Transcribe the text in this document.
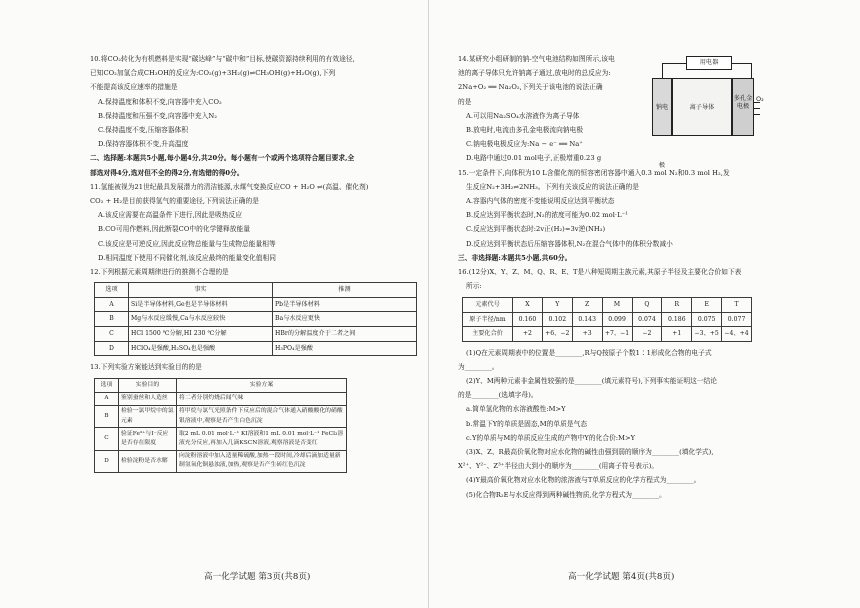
10.将CO₂转化为有机燃料是实现“碳达峰”与“碳中和”目标,使碳资源持续利用的有效途径,
已知CO₂加氢合成CH₃OH的反应为:CO₂(g)+3H₂(g)⇌CH₃OH(g)+H₂O(g),下列
不能提高该反应速率的措施是
A.保持温度和体积不变,向容器中充入CO₂
B.保持温度和压强不变,向容器中充入N₂
C.保持温度不变,压缩容器体积
D.保持容器体积不变,升高温度
二、选择题:本题共5小题,每小题4分,共20分。每小题有一个或两个选项符合题目要求,全
部选对得4分,选对但不全的得2分,有选错的得0分。
11.氢能被视为21世纪最具发展潜力的清洁能源,水煤气变换反应CO + H₂O ⇌(高温、催化剂)
CO₂ + H₂是目前获得氢气的重要途径,下列说法正确的是
A.该反应需要在高温条件下进行,因此是吸热反应
B.CO可用作燃料,因此断裂CO中的化学键释放能量
C.该反应是可逆反应,因此反应物总能量与生成物总能量相等
D.相同温度下使用不同催化剂,该反应最终的能量变化值相同
12.下列根据元素周期律进行的推测不合理的是
选项	事实	推测
A	Si是半导体材料,Ge也是半导体材料	Pb是半导体材料
B	Mg与水反应缓慢,Ca与水反应较快	Ba与水反应更快
C	HCl 1500 ℃分解,HI 230 ℃分解	HBr的分解温度介于二者之间
D	HClO₄是强酸,H₂SO₄也是强酸	H₃PO₄是强酸
13.下列实验方案能达到实验目的的是
选项	实验目的	实验方案
A	鉴别蚕丝和人造丝	将二者分别灼烧后闻气味
B	检验一氯甲烷中的氯元素	将甲烷与氯气光照条件下反应后的混合气体通入硝酸酸化的硝酸银溶液中,观察是否产生白色沉淀
C	验证Fe³⁺与I⁻反应是否存在限度	取2 mL 0.01 mol·L⁻¹ KI溶液和1 mL 0.01 mol·L⁻¹ FeCl₃溶液充分反应,再加入几滴KSCN溶液,观察溶液是否变红
D	检验淀粉是否水解	向淀粉溶液中加入适量稀硫酸,加热一段时间,冷却后滴加适量新制氢氧化铜悬浊液,加热,观察是否产生砖红色沉淀
高一化学试题 第3页(共8页)
14.某研究小组研制的钠-空气电池结构如图所示,该电
池的离子导体只允许钠离子通过,放电时的总反应为:
2Na+O₂ ══ Na₂O₂,下列关于该电池的说法正确
的是
A.可以用Na₂SO₄水溶液作为离子导体
B.放电时,电流由多孔金电极流向钠电极
C.钠电极电极反应为:Na − e⁻ ══ Na⁺
D.电路中通过0.01 mol电子,正极增重0.23 g
15.一定条件下,向体积为10 L含催化剂的恒容密闭容器中通入0.3 mol N₂和0.3 mol H₂,发
生反应N₂+3H₂⇌2NH₃。下列有关该反应的说法正确的是
A.容器内气体的密度不变能说明反应达到平衡状态
B.反应达到平衡状态时,N₂的浓度可能为0.02 mol·L⁻¹
C.反应达到平衡状态时:2v正(H₂)=3v逆(NH₃)
D.反应达到平衡状态后压缩容器体积,N₂在混合气体中的体积分数减小
三、非选择题:本题共5小题,共60分。
16.(12分)X、Y、Z、M、Q、R、E、T是八种短周期主族元素,其原子半径及主要化合价如下表
所示:
元素代号	X	Y	Z	M	Q	R	E	T
原子半径/nm	0.160	0.102	0.143	0.099	0.074	0.186	0.075	0.077
主要化合价	+2	+6、−2	+3	+7、−1	−2	+1	−3、+5	−4、+4
(1)Q在元素周期表中的位置是________,R与Q按原子个数1∶1形成化合物的电子式
为________。
(2)Y、M两种元素非金属性较强的是________(填元素符号),下列事实能证明这一结论
的是________(选填字母)。
a.简单氢化物的水溶液酸性:M>Y
b.常温下Y的单质是固态,M的单质是气态
c.Y的单质与M的单质反应生成的产物中Y的化合价:M>Y
(3)X、Z、R最高价氧化物对应水化物的碱性由强到弱的顺序为________(填化学式),
X²⁺、Y²⁻、Z³⁺半径由大到小的顺序为________(用离子符号表示)。
(4)Y最高价氧化物对应水化物的浓溶液与T单质反应的化学方程式为________。
(5)化合物R₂E与水反应得到两种碱性物质,化学方程式为________。
用电器
钠电极
离子导体
多孔金电极
O₂
高一化学试题 第4页(共8页)
